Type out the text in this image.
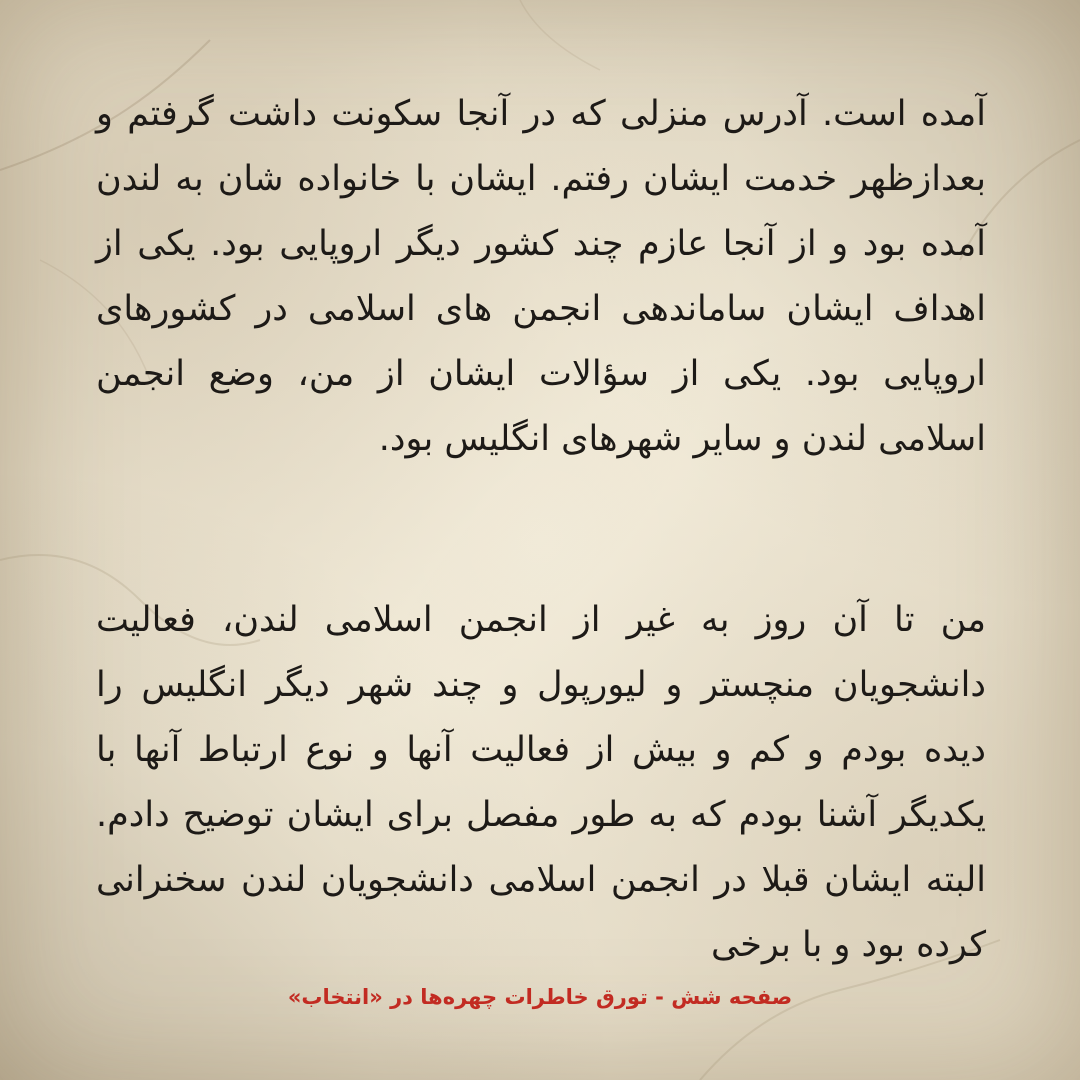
آمده است. آدرس منزلی که در آنجا سکونت داشت گرفتم و بعدازظهر خدمت ایشان رفتم. ایشان با خانواده شان به لندن آمده بود و از آنجا عازم چند کشور دیگر اروپایی بود. یکی از اهداف ایشان ساماندهی انجمن های اسلامی در کشورهای اروپایی بود. یکی از سؤالات ایشان از من، وضع انجمن اسلامی لندن و سایر شهرهای انگلیس بود.
من تا آن روز به غیر از انجمن اسلامی لندن، فعالیت دانشجویان منچستر و لیورپول و چند شهر دیگر انگلیس را دیده بودم و کم و بیش از فعالیت آنها و نوع ارتباط آنها با یکدیگر آشنا بودم که به طور مفصل برای ایشان توضیح دادم. البته ایشان قبلا در انجمن اسلامی دانشجویان لندن سخنرانی کرده بود و با برخی
صفحه شش - تورق خاطرات چهره‌ها در «انتخاب»
